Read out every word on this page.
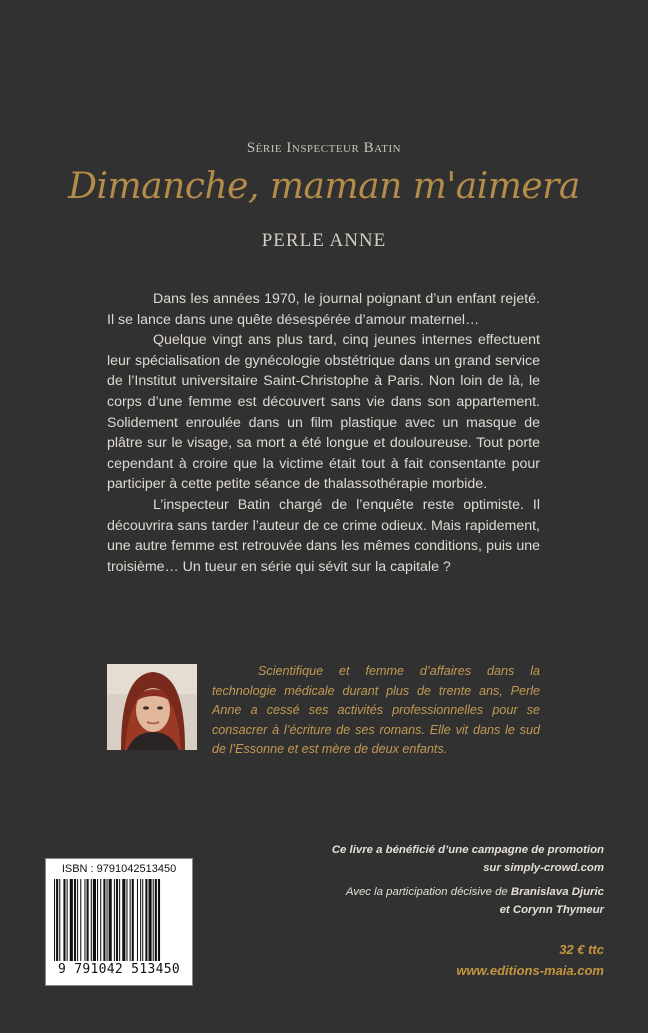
Série Inspecteur Batin
Dimanche, maman m'aimera
PERLE ANNE

Dans les années 1970, le journal poignant d’un enfant rejeté. Il se lance dans une quête désespérée d’amour maternel…

Quelque vingt ans plus tard, cinq jeunes internes effectuent leur spécialisation de gynécologie obstétrique dans un grand service de l’Institut universitaire Saint-Christophe à Paris. Non loin de là, le corps d’une femme est découvert sans vie dans son appartement. Solidement enroulée dans un film plastique avec un masque de plâtre sur le visage, sa mort a été longue et douloureuse. Tout porte cependant à croire que la victime était tout à fait consentante pour participer à cette petite séance de thalassothérapie morbide.

L’inspecteur Batin chargé de l’enquête reste optimiste. Il découvrira sans tarder l’auteur de ce crime odieux. Mais rapidement, une autre femme est retrouvée dans les mêmes conditions, puis une troisième… Un tueur en série qui sévit sur la capitale ?

Scientifique et femme d’affaires dans la technologie médicale durant plus de trente ans, Perle Anne a cessé ses activités professionnelles pour se consacrer à l’écriture de ses romans. Elle vit dans le sud de l’Essonne et est mère de deux enfants.

ISBN : 9791042513450
9 791042 513450
Ce livre a bénéficié d’une campagne de promotion
sur simply-crowd.com
Avec la participation décisive de Branislava Djuric
et Corynn Thymeur
32 € ttc
www.editions-maia.com
